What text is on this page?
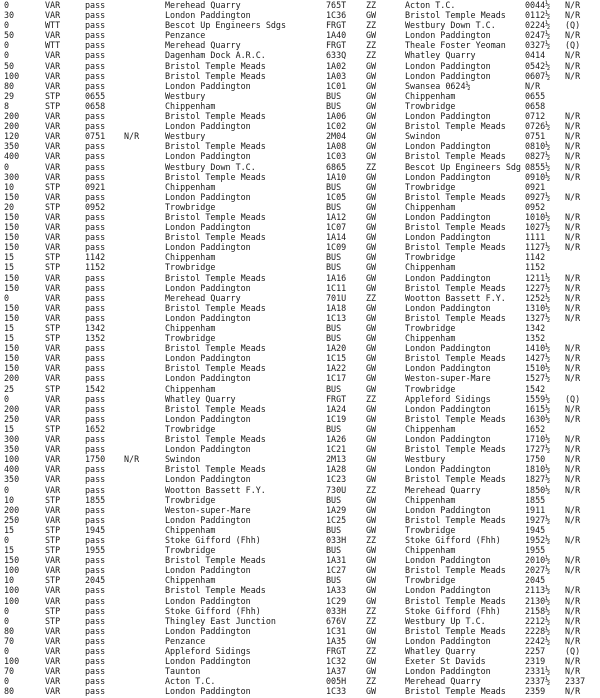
0	VAR	pass	Merehead Quarry	765T ZZ	Acton T.C.	0044½ N/R
30	VAR	pass	London Paddington	1C36 GW	Bristol Temple Meads 0112½ N/R
0	WTT	pass	Bescot Up Engineers Sdgs	FRGT ZZ	Westbury Down T.C.	0224½ (Q)
50	VAR	pass	Penzance	1A40 GW	London Paddington	0247½ N/R
0	WTT	pass	Merehead Quarry	FRGT ZZ	Theale Foster Yeoman 0327½ (Q)
0	VAR	pass	Dagenham Dock A.R.C.	633Q ZZ	Whatley Quarry	0414 N/R
50	VAR	pass	Bristol Temple Meads	1A02 GW	London Paddington	0542½ N/R
100	VAR	pass	Bristol Temple Meads	1A03 GW	London Paddington	0607½ N/R
80	VAR	pass	London Paddington	1C01 GW	Swansea 0624½	N/R
29	STP	0655	Westbury	BUS	GW	Chippenham	0655
8	STP	0658	Chippenham	BUS	GW	Trowbridge	0658
200	VAR	pass	Bristol Temple Meads	1A06 GW	London Paddington	0712 N/R
200	VAR	pass	London Paddington	1C02 GW	Bristol Temple Meads 0726½ N/R
120	VAR	0751 N/R	Westbury	2M04 GW	Swindon	0751 N/R
350	VAR	pass	Bristol Temple Meads	1A08 GW	London Paddington	0810½ N/R
400	VAR	pass	London Paddington	1C03 GW	Bristol Temple Meads 0827½ N/R
0	VAR	pass	Westbury Down T.C.	6865 ZZ	Bescot Up Engineers Sdg 0855½ N/R
300	VAR	pass	Bristol Temple Meads	1A10 GW	London Paddington	0910½ N/R
10	STP	0921	Chippenham	BUS	GW	Trowbridge	0921
150	VAR	pass	London Paddington	1C05 GW	Bristol Temple Meads 0927½ N/R
20	STP	0952	Trowbridge	BUS	GW	Chippenham	0952
150	VAR	pass	Bristol Temple Meads	1A12 GW	London Paddington	1010½ N/R
150	VAR	pass	London Paddington	1C07 GW	Bristol Temple Meads 1027½ N/R
150	VAR	pass	Bristol Temple Meads	1A14 GW	London Paddington	1111 N/R
150	VAR	pass	London Paddington	1C09 GW	Bristol Temple Meads 1127½ N/R
15	STP	1142	Chippenham	BUS	GW	Trowbridge	1142
15	STP	1152	Trowbridge	BUS	GW	Chippenham	1152
150	VAR	pass	Bristol Temple Meads	1A16 GW	London Paddington	1211½ N/R
150	VAR	pass	London Paddington	1C11 GW	Bristol Temple Meads 1227½ N/R
0	VAR	pass	Merehead Quarry	701U ZZ	Wootton Bassett F.Y. 1252½ N/R
150	VAR	pass	Bristol Temple Meads	1A18 GW	London Paddington	1310½ N/R
150	VAR	pass	London Paddington	1C13 GW	Bristol Temple Meads 1327½ N/R
15	STP	1342	Chippenham	BUS	GW	Trowbridge	1342
15	STP	1352	Trowbridge	BUS	GW	Chippenham	1352
150	VAR	pass	Bristol Temple Meads	1A20 GW	London Paddington	1410½ N/R
150	VAR	pass	London Paddington	1C15 GW	Bristol Temple Meads 1427½ N/R
150	VAR	pass	Bristol Temple Meads	1A22 GW	London Paddington	1510½ N/R
200	VAR	pass	London Paddington	1C17 GW	Weston-super-Mare	1527½ N/R
25	STP	1542	Chippenham	BUS	GW	Trowbridge	1542
0	VAR	pass	Whatley Quarry	FRGT ZZ	Appleford Sidings	1559½ (Q)
200	VAR	pass	Bristol Temple Meads	1A24 GW	London Paddington	1615½ N/R
250	VAR	pass	London Paddington	1C19 GW	Bristol Temple Meads 1630½ N/R
15	STP	1652	Trowbridge	BUS	GW	Chippenham	1652
300	VAR	pass	Bristol Temple Meads	1A26 GW	London Paddington	1710½ N/R
350	VAR	pass	London Paddington	1C21 GW	Bristol Temple Meads 1727½ N/R
100	VAR	1750 N/R	Swindon	2M13 GW	Westbury	1750 N/R
400	VAR	pass	Bristol Temple Meads	1A28 GW	London Paddington	1810½ N/R
350	VAR	pass	London Paddington	1C23 GW	Bristol Temple Meads 1827½ N/R
0	VAR	pass	Wootton Bassett F.Y.	730U ZZ	Merehead Quarry	1850½ N/R
10	STP	1855	Trowbridge	BUS	GW	Chippenham	1855
200	VAR	pass	Weston-super-Mare	1A29 GW	London Paddington	1911 N/R
250	VAR	pass	London Paddington	1C25 GW	Bristol Temple Meads 1927½ N/R
15	STP	1945	Chippenham	BUS	GW	Trowbridge	1945
0	STP	pass	Stoke Gifford (Fhh)	033H ZZ	Stoke Gifford (Fhh)	1952½ N/R
15	STP	1955	Trowbridge	BUS	GW	Chippenham	1955
150	VAR	pass	Bristol Temple Meads	1A31 GW	London Paddington	2010½ N/R
100	VAR	pass	London Paddington	1C27 GW	Bristol Temple Meads 2027½ N/R
10	STP	2045	Chippenham	BUS	GW	Trowbridge	2045
100	VAR	pass	Bristol Temple Meads	1A33 GW	London Paddington	2113½ N/R
100	VAR	pass	London Paddington	1C29 GW	Bristol Temple Meads 2130½ N/R
0	STP	pass	Stoke Gifford (Fhh)	033H ZZ	Stoke Gifford (Fhh)	2158½ N/R
0	STP	pass	Thingley East Junction	676V ZZ	Westbury Up T.C.	2212½ N/R
80	VAR	pass	London Paddington	1C31 GW	Bristol Temple Meads 2228½ N/R
70	VAR	pass	Penzance	1A35 GW	London Paddington	2242½ N/R
0	VAR	pass	Appleford Sidings	FRGT ZZ	Whatley Quarry	2257 (Q)
100	VAR	pass	London Paddington	1C32 GW	Exeter St Davids	2319 N/R
70	VAR	pass	Taunton	1A37 GW	London Paddington	2331½ N/R
0	VAR	pass	Acton T.C.	005H ZZ	Merehead Quarry	2337½ 2337
80	VAR	pass	London Paddington	1C33 GW	Bristol Temple Meads 2359 N/R
